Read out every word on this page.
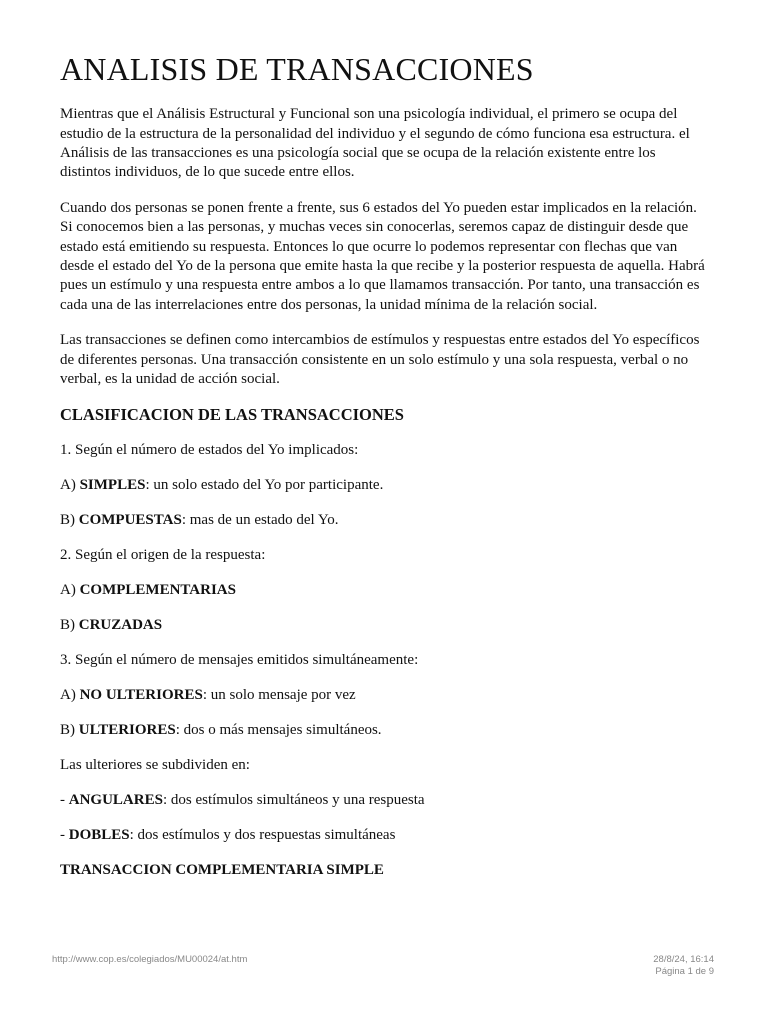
ANALISIS DE TRANSACCIONES

Mientras que el Análisis Estructural y Funcional son una psicología individual, el primero se ocupa del estudio de la estructura de la personalidad del individuo y el segundo de cómo funciona esa estructura. el Análisis de las transacciones es una psicología social que se ocupa de la relación existente entre los distintos individuos, de lo que sucede entre ellos.

Cuando dos personas se ponen frente a frente, sus 6 estados del Yo pueden estar implicados en la relación. Si conocemos bien a las personas, y muchas veces sin conocerlas, seremos capaz de distinguir desde que estado está emitiendo su respuesta. Entonces lo que ocurre lo podemos representar con flechas que van desde el estado del Yo de la persona que emite hasta la que recibe y la posterior respuesta de aquella. Habrá pues un estímulo y una respuesta entre ambos a lo que llamamos transacción. Por tanto, una transacción es cada una de las interrelaciones entre dos personas, la unidad mínima de la relación social.

Las transacciones se definen como intercambios de estímulos y respuestas entre estados del Yo específicos de diferentes personas. Una transacción consistente en un solo estímulo y una sola respuesta, verbal o no verbal, es la unidad de acción social.

CLASIFICACION DE LAS TRANSACCIONES

1. Según el número de estados del Yo implicados:

A) SIMPLES: un solo estado del Yo por participante.

B) COMPUESTAS: mas de un estado del Yo.

2. Según el origen de la respuesta:

A) COMPLEMENTARIAS

B) CRUZADAS

3. Según el número de mensajes emitidos simultáneamente:

A) NO ULTERIORES: un solo mensaje por vez

B) ULTERIORES: dos o más mensajes simultáneos.

Las ulteriores se subdividen en:

- ANGULARES: dos estímulos simultáneos y una respuesta

- DOBLES: dos estímulos y dos respuestas simultáneas

TRANSACCION COMPLEMENTARIA SIMPLE

http://www.cop.es/colegiados/MU00024/at.htm	28/8/24, 16:14
Página 1 de 9
